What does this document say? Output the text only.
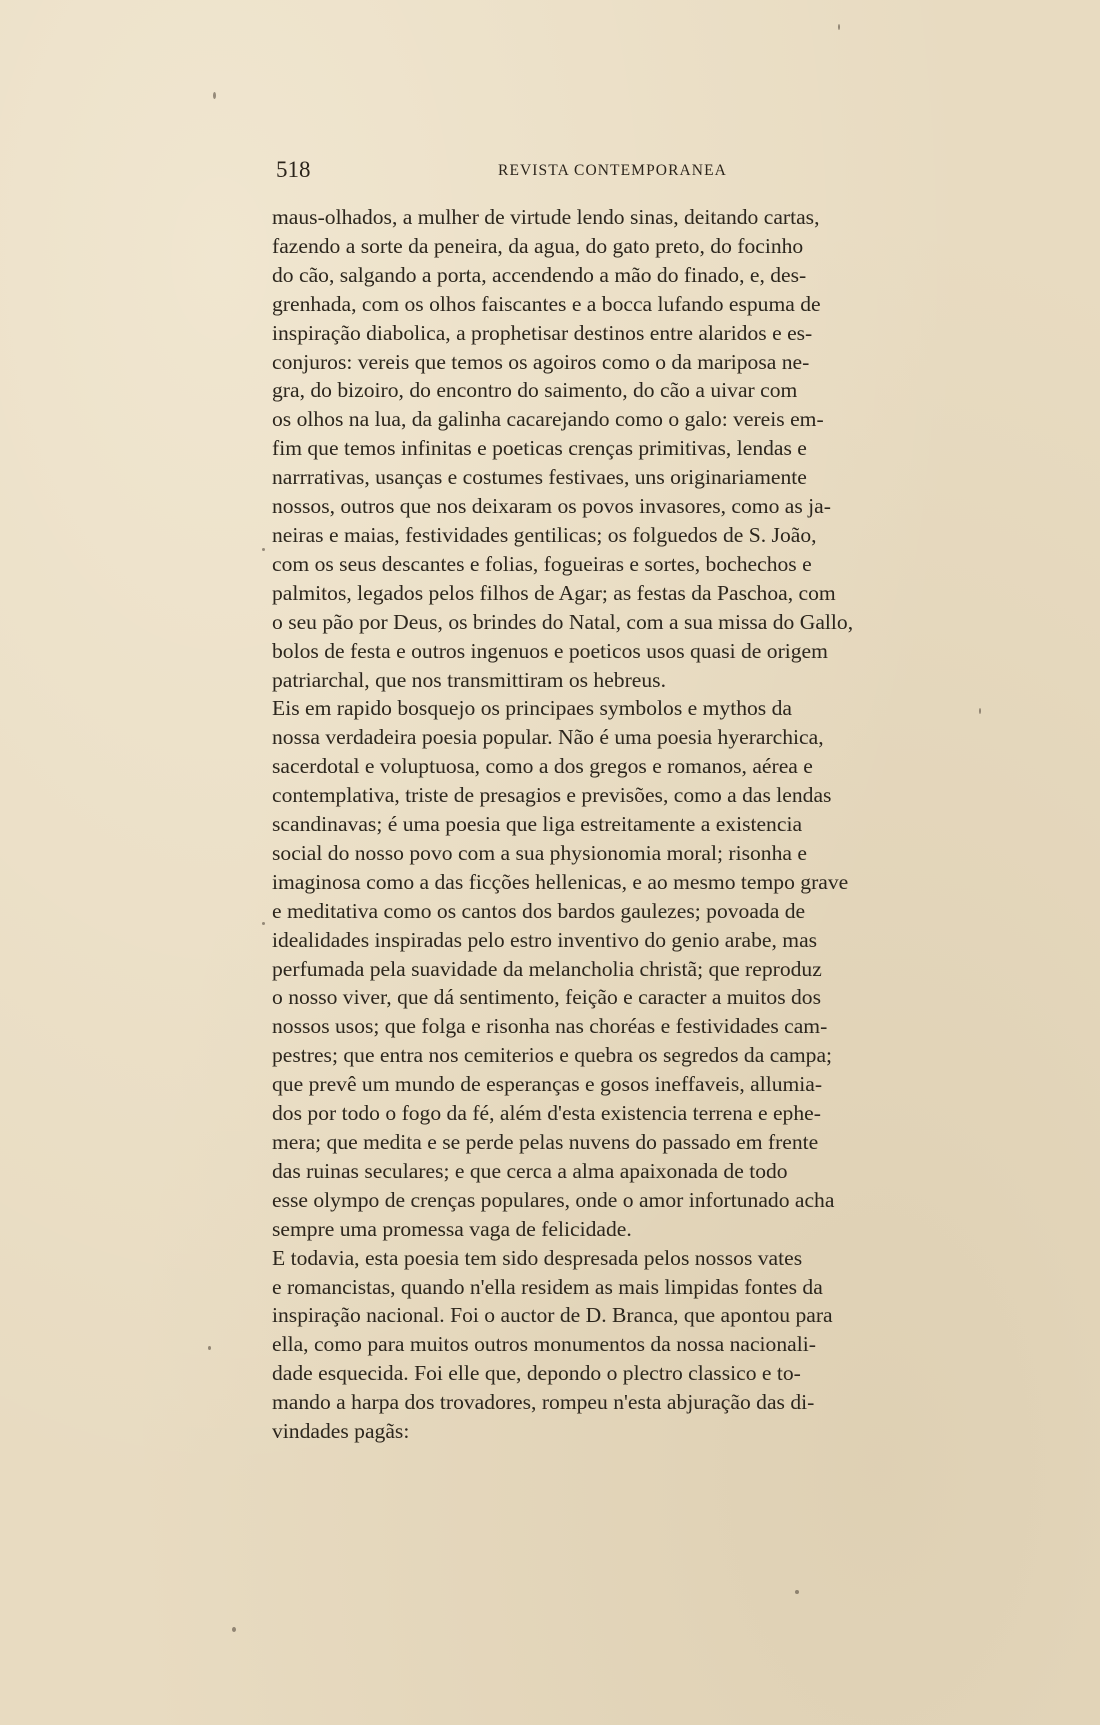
518	REVISTA CONTEMPORANEA

maus-olhados, a mulher de virtude lendo sinas, deitando cartas,
fazendo a sorte da peneira, da agua, do gato preto, do focinho
do cão, salgando a porta, accendendo a mão do finado, e, des-
grenhada, com os olhos faiscantes e a bocca lufando espuma de
inspiração diabolica, a prophetisar destinos entre alaridos e es-
conjuros: vereis que temos os agoiros como o da mariposa ne-
gra, do bizoiro, do encontro do saimento, do cão a uivar com
os olhos na lua, da galinha cacarejando como o galo: vereis em-
fim que temos infinitas e poeticas crenças primitivas, lendas e
narrrativas, usanças e costumes festivaes, uns originariamente
nossos, outros que nos deixaram os povos invasores, como as ja-
neiras e maias, festividades gentilicas; os folguedos de S. João,
com os seus descantes e folias, fogueiras e sortes, bochechos e
palmitos, legados pelos filhos de Agar; as festas da Paschoa, com
o seu pão por Deus, os brindes do Natal, com a sua missa do Gallo,
bolos de festa e outros ingenuos e poeticos usos quasi de origem
patriarchal, que nos transmittiram os hebreus.

Eis em rapido bosquejo os principaes symbolos e mythos da
nossa verdadeira poesia popular. Não é uma poesia hyerarchica,
sacerdotal e voluptuosa, como a dos gregos e romanos, aérea e
contemplativa, triste de presagios e previsões, como a das lendas
scandinavas; é uma poesia que liga estreitamente a existencia
social do nosso povo com a sua physionomia moral; risonha e
imaginosa como a das ficções hellenicas, e ao mesmo tempo grave
e meditativa como os cantos dos bardos gaulezes; povoada de
idealidades inspiradas pelo estro inventivo do genio arabe, mas
perfumada pela suavidade da melancholia christã; que reproduz
o nosso viver, que dá sentimento, feição e caracter a muitos dos
nossos usos; que folga e risonha nas choréas e festividades cam-
pestres; que entra nos cemiterios e quebra os segredos da campa;
que prevê um mundo de esperanças e gosos ineffaveis, allumia-
dos por todo o fogo da fé, além d'esta existencia terrena e ephe-
mera; que medita e se perde pelas nuvens do passado em frente
das ruinas seculares; e que cerca a alma apaixonada de todo
esse olympo de crenças populares, onde o amor infortunado acha
sempre uma promessa vaga de felicidade.

E todavia, esta poesia tem sido despresada pelos nossos vates
e romancistas, quando n'ella residem as mais limpidas fontes da
inspiração nacional. Foi o auctor de D. Branca, que apontou para
ella, como para muitos outros monumentos da nossa nacionali-
dade esquecida. Foi elle que, depondo o plectro classico e to-
mando a harpa dos trovadores, rompeu n'esta abjuração das di-
vindades pagãs:
